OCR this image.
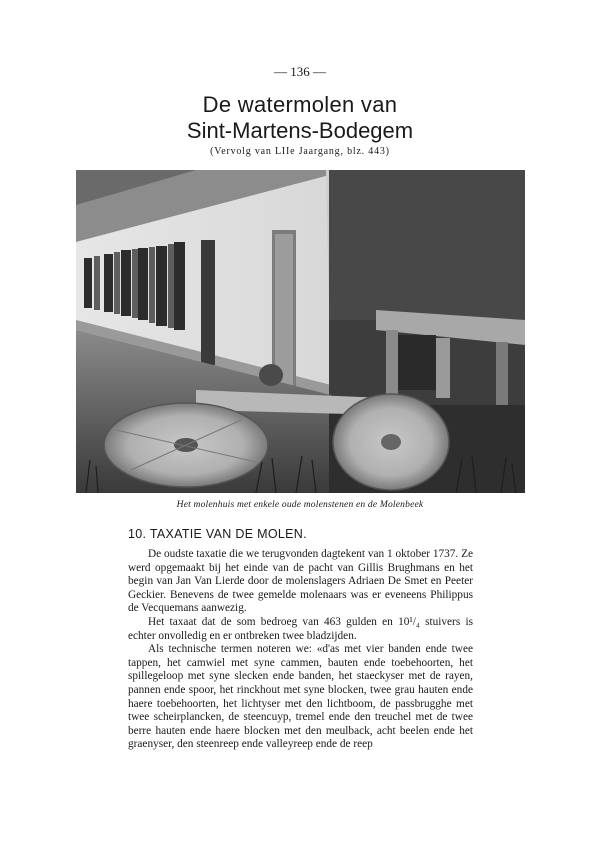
— 136 —
De watermolen van
Sint-Martens-Bodegem
(Vervolg van LIIe Jaargang, blz. 443)
Het molenhuis met enkele oude molenstenen en de Molenbeek
10. TAXATIE VAN DE MOLEN.

De oudste taxatie die we terugvonden dagtekent van 1 oktober 1737. Ze werd opgemaakt bij het einde van de pacht van Gillis Brughmans en het begin van Jan Van Lierde door de molenslagers Adriaen De Smet en Peeter Geckier. Benevens de twee gemelde molenaars was er eveneens Philippus de Vecquemans aanwezig.

Het taxaat dat de som bedroeg van 463 gulden en 10¹/₄ stuivers is echter onvolledig en er ontbreken twee bladzijden.

Als technische termen noteren we: «d'as met vier banden ende twee tappen, het camwiel met syne cammen, bauten ende toebehoorten, het spillegeloop met syne slecken ende banden, het staeckyser met de rayen, pannen ende spoor, het rinckhout met syne blocken, twee grau hauten ende haere toebehoorten, het lichtyser met den lichtboom, de passbrugghe met twee scheirplancken, de steencuyp, tremel ende den treuchel met de twee berre hauten ende haere blocken met den meulback, acht beelen ende het graenyser, den steenreep ende valleyreep ende de reep
